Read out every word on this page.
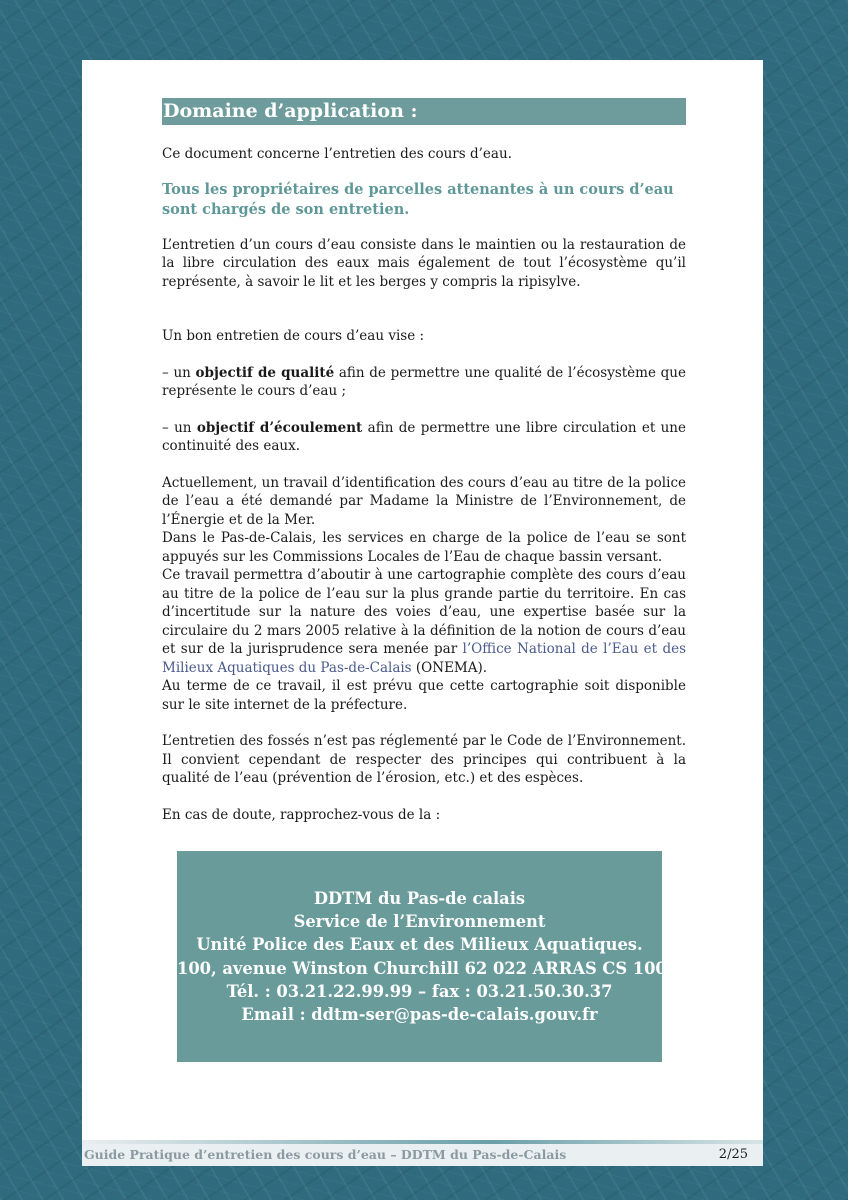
Domaine d’application :

Ce document concerne l’entretien des cours d’eau.

Tous les propriétaires de parcelles attenantes à un cours d’eau sont chargés de son entretien.

L’entretien d’un cours d’eau consiste dans le maintien ou la restauration de la libre circulation des eaux mais également de tout l’écosystème qu’il représente, à savoir le lit et les berges y compris la ripisylve.

Un bon entretien de cours d’eau vise :

– un objectif de qualité afin de permettre une qualité de l’écosystème que représente le cours d’eau ;

– un objectif d’écoulement afin de permettre une libre circulation et une continuité des eaux.

Actuellement, un travail d’identification des cours d’eau au titre de la police de l’eau a été demandé par Madame la Ministre de l’Environnement, de l’Énergie et de la Mer.

Dans le Pas-de-Calais, les services en charge de la police de l’eau se sont appuyés sur les Commissions Locales de l’Eau de chaque bassin versant.

Ce travail permettra d’aboutir à une cartographie complète des cours d’eau au titre de la police de l’eau sur la plus grande partie du territoire. En cas d’incertitude sur la nature des voies d’eau, une expertise basée sur la circulaire du 2 mars 2005 relative à la définition de la notion de cours d’eau et sur de la jurisprudence sera menée par l’Office National de l’Eau et des Milieux Aquatiques du Pas-de-Calais (ONEMA).

Au terme de ce travail, il est prévu que cette cartographie soit disponible sur le site internet de la préfecture.

L’entretien des fossés n’est pas réglementé par le Code de l’Environnement. Il convient cependant de respecter des principes qui contribuent à la qualité de l’eau (prévention de l’érosion, etc.) et des espèces.

En cas de doute, rapprochez-vous de la :

DDTM du Pas-de calais
Service de l’Environnement
Unité Police des Eaux et des Milieux Aquatiques.
100, avenue Winston Churchill 62 022 ARRAS CS 10007
Tél. : 03.21.22.99.99 – fax : 03.21.50.30.37
Email : ddtm-ser@pas-de-calais.gouv.fr
Guide Pratique d’entretien des cours d’eau – DDTM du Pas-de-Calais	2/25
